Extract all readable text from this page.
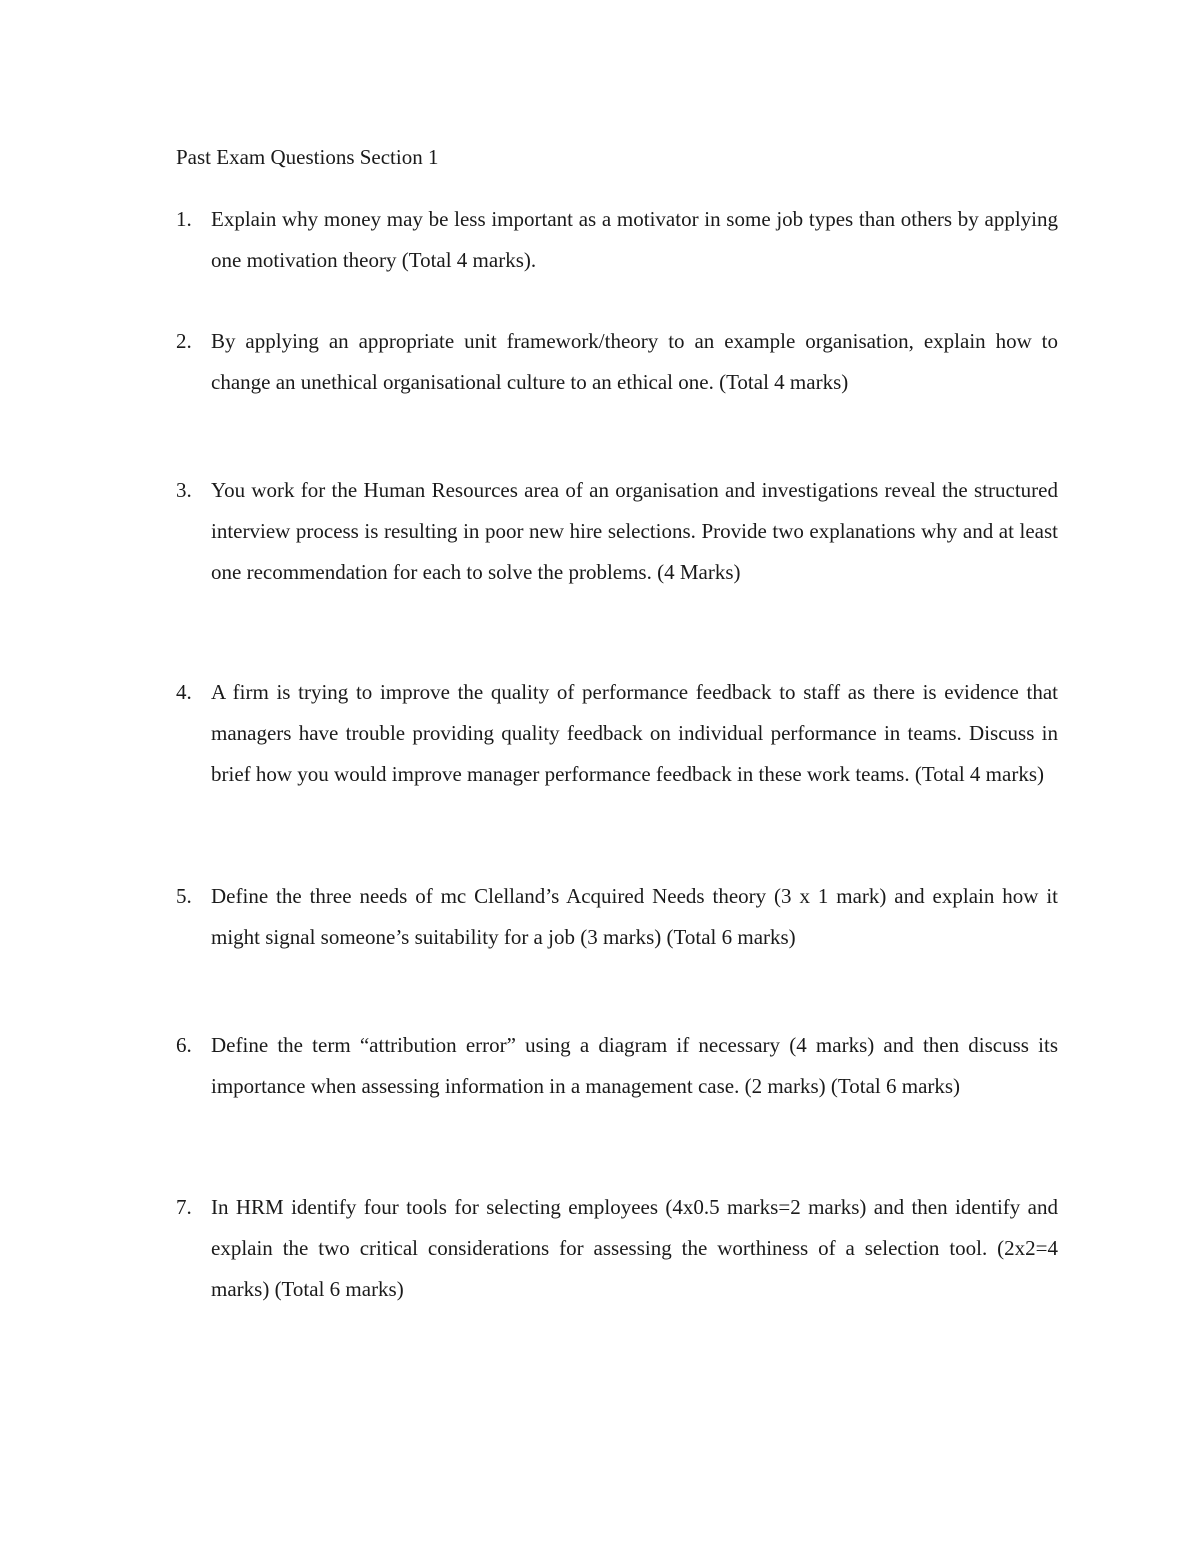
Past Exam Questions Section 1

1. Explain why money may be less important as a motivator in some job types than others by applying one motivation theory (Total 4 marks).
2. By applying an appropriate unit framework/theory to an example organisation, explain how to change an unethical organisational culture to an ethical one. (Total 4 marks)
3. You work for the Human Resources area of an organisation and investigations reveal the structured interview process is resulting in poor new hire selections. Provide two explanations why and at least one recommendation for each to solve the problems. (4 Marks)
4. A firm is trying to improve the quality of performance feedback to staff as there is evidence that managers have trouble providing quality feedback on individual performance in teams. Discuss in brief how you would improve manager performance feedback in these work teams. (Total 4 marks)
5. Define the three needs of mc Clelland’s Acquired Needs theory (3 x 1 mark) and explain how it might signal someone’s suitability for a job (3 marks) (Total 6 marks)
6. Define the term “attribution error” using a diagram if necessary (4 marks) and then discuss its importance when assessing information in a management case. (2 marks) (Total 6 marks)
7. In HRM identify four tools for selecting employees (4x0.5 marks=2 marks) and then identify and explain the two critical considerations for assessing the worthiness of a selection tool. (2x2=4 marks) (Total 6 marks)
